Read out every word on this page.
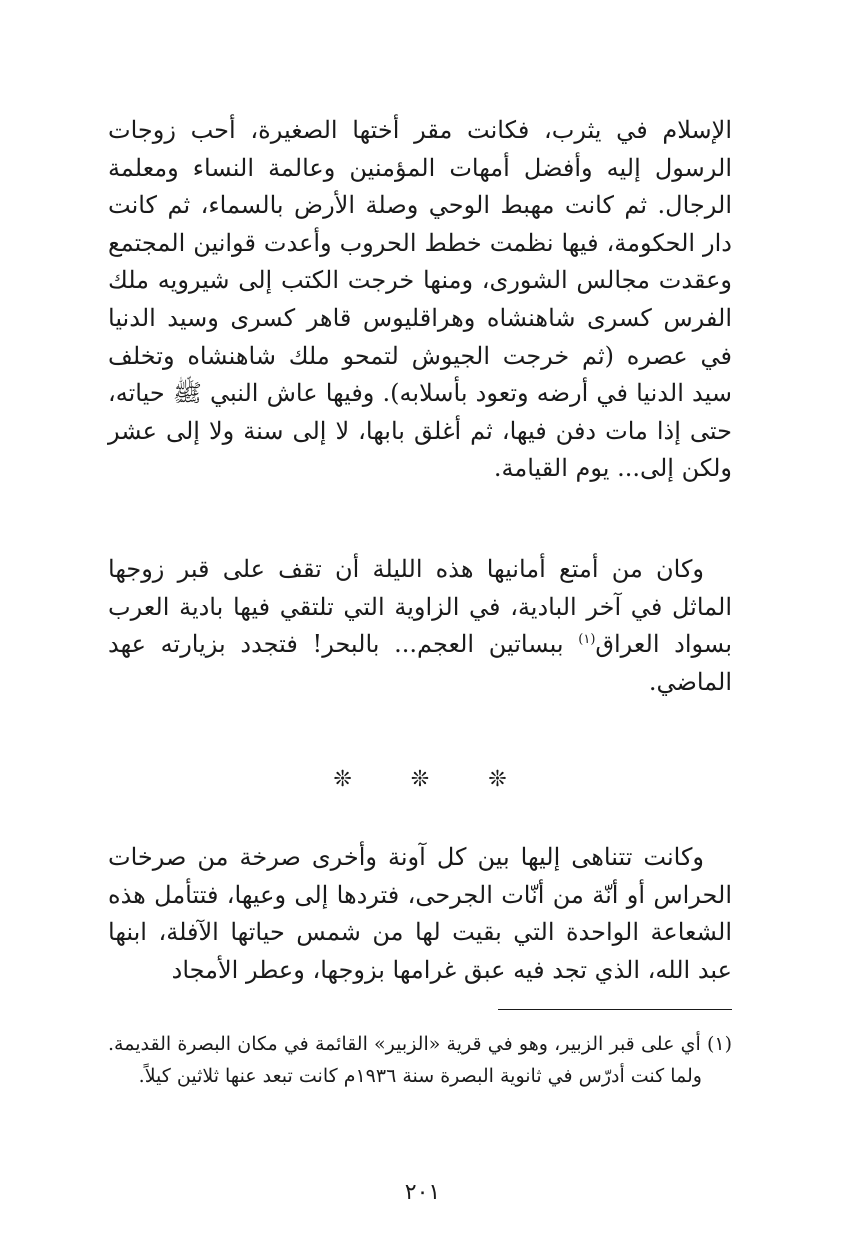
الإسلام في يثرب، فكانت مقر أختها الصغيرة، أحب زوجات الرسول إليه وأفضل أمهات المؤمنين وعالمة النساء ومعلمة الرجال. ثم كانت مهبط الوحي وصلة الأرض بالسماء، ثم كانت دار الحكومة، فيها نظمت خطط الحروب وأعدت قوانين المجتمع وعقدت مجالس الشورى، ومنها خرجت الكتب إلى شيرويه ملك الفرس كسرى شاهنشاه وهراقليوس قاهر كسرى وسيد الدنيا في عصره (ثم خرجت الجيوش لتمحو ملك شاهنشاه وتخلف سيد الدنيا في أرضه وتعود بأسلابه). وفيها عاش النبي ﷺ حياته، حتى إذا مات دفن فيها، ثم أغلق بابها، لا إلى سنة ولا إلى عشر ولكن إلى... يوم القيامة.

وكان من أمتع أمانيها هذه الليلة أن تقف على قبر زوجها الماثل في آخر البادية، في الزاوية التي تلتقي فيها بادية العرب بسواد العراق$^{(١)}$ ببساتين العجم... بالبحر! فتجدد بزيارته عهد الماضي.

❊ ❊ ❊

وكانت تتناهى إليها بين كل آونة وأخرى صرخة من صرخات الحراس أو أنّة من أنّات الجرحى، فتردها إلى وعيها، فتتأمل هذه الشعاعة الواحدة التي بقيت لها من شمس حياتها الآفلة، ابنها عبد الله، الذي تجد فيه عبق غرامها بزوجها، وعطر الأمجاد

(١) أي على قبر الزبير، وهو في قرية «الزبير» القائمة في مكان البصرة القديمة. ولما كنت أدرّس في ثانوية البصرة سنة ١٩٣٦م كانت تبعد عنها ثلاثين كيلاً.

٢٠١
